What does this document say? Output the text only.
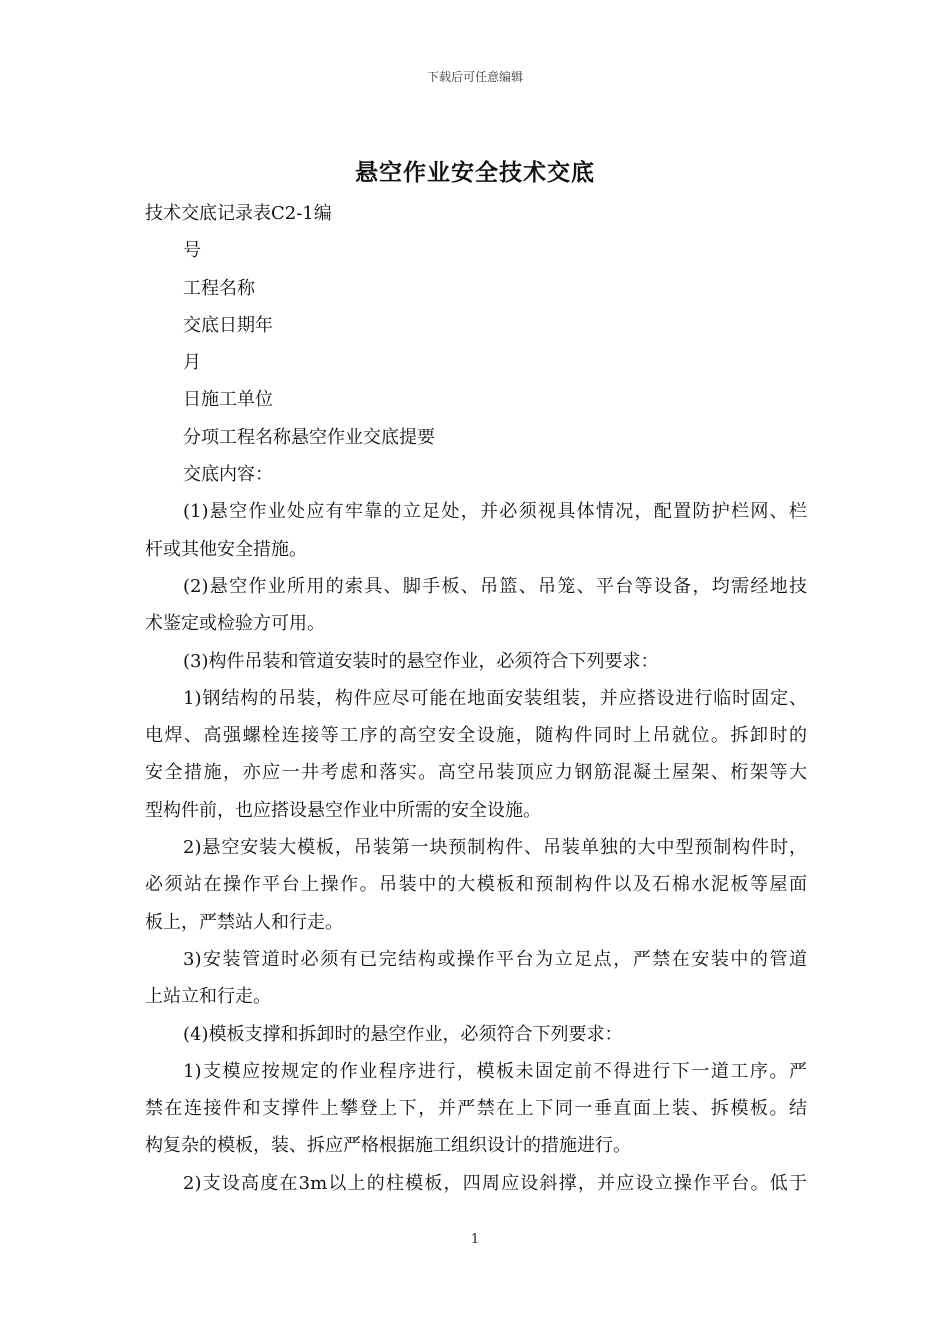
下载后可任意编辑
悬空作业安全技术交底

技术交底记录表C2-1编

号

工程名称

交底日期年

月

日施工单位

分项工程名称悬空作业交底提要

交底内容：

(1)悬空作业处应有牢靠的立足处，并必须视具体情况，配置防护栏网、栏

杆或其他安全措施。

(2)悬空作业所用的索具、脚手板、吊篮、吊笼、平台等设备，均需经地技

术鉴定或检验方可用。

(3)构件吊装和管道安装时的悬空作业，必须符合下列要求：

1)钢结构的吊装，构件应尽可能在地面安装组装，并应搭设进行临时固定、

电焊、高强螺栓连接等工序的高空安全设施，随构件同时上吊就位。拆卸时的

安全措施，亦应一井考虑和落实。高空吊装顶应力钢筋混凝土屋架、桁架等大

型构件前，也应搭设悬空作业中所需的安全设施。

2)悬空安装大模板，吊装第一块预制构件、吊装单独的大中型预制构件时，

必须站在操作平台上操作。吊装中的大模板和预制构件以及石棉水泥板等屋面

板上，严禁站人和行走。

3)安装管道时必须有已完结构或操作平台为立足点，严禁在安装中的管道

上站立和行走。

(4)模板支撑和拆卸时的悬空作业，必须符合下列要求：

1)支模应按规定的作业程序进行，模板未固定前不得进行下一道工序。严

禁在连接件和支撑件上攀登上下，并严禁在上下同一垂直面上装、拆模板。结

构复杂的模板，装、拆应严格根据施工组织设计的措施进行。

2)支设高度在3m以上的柱模板，四周应设斜撑，并应设立操作平台。低于

1
